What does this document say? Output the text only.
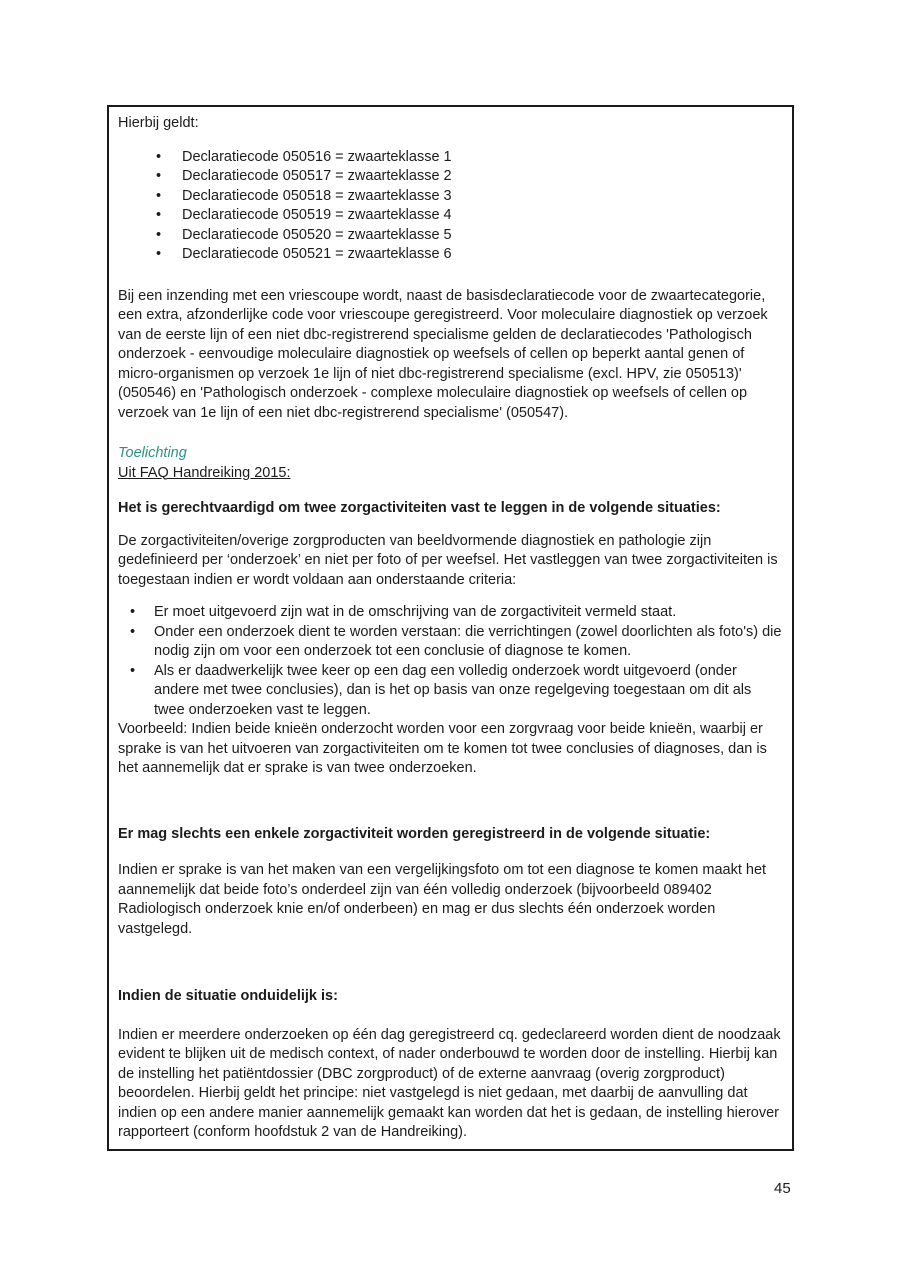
Hierbij geldt:

• Declaratiecode 050516 = zwaarteklasse 1
• Declaratiecode 050517 = zwaarteklasse 2
• Declaratiecode 050518 = zwaarteklasse 3
• Declaratiecode 050519 = zwaarteklasse 4
• Declaratiecode 050520 = zwaarteklasse 5
• Declaratiecode 050521 = zwaarteklasse 6

Bij een inzending met een vriescoupe wordt, naast de basisdeclaratiecode voor de zwaartecategorie, een extra, afzonderlijke code voor vriescoupe geregistreerd. Voor moleculaire diagnostiek op verzoek van de eerste lijn of een niet dbc-registrerend specialisme gelden de declaratiecodes 'Pathologisch onderzoek - eenvoudige moleculaire diagnostiek op weefsels of cellen op beperkt aantal genen of micro-organismen op verzoek 1e lijn of niet dbc-registrerend specialisme (excl. HPV, zie 050513)' (050546) en 'Pathologisch onderzoek - complexe moleculaire diagnostiek op weefsels of cellen op verzoek van 1e lijn of een niet dbc-registrerend specialisme' (050547).

Toelichting

Uit FAQ Handreiking 2015:

Het is gerechtvaardigd om twee zorgactiviteiten vast te leggen in de volgende situaties:

De zorgactiviteiten/overige zorgproducten van beeldvormende diagnostiek en pathologie zijn gedefinieerd per ‘onderzoek’ en niet per foto of per weefsel. Het vastleggen van twee zorgactiviteiten is toegestaan indien er wordt voldaan aan onderstaande criteria:

• Er moet uitgevoerd zijn wat in de omschrijving van de zorgactiviteit vermeld staat.
• Onder een onderzoek dient te worden verstaan: die verrichtingen (zowel doorlichten als foto's) die nodig zijn om voor een onderzoek tot een conclusie of diagnose te komen.
• Als er daadwerkelijk twee keer op een dag een volledig onderzoek wordt uitgevoerd (onder andere met twee conclusies), dan is het op basis van onze regelgeving toegestaan om dit als twee onderzoeken vast te leggen.

Voorbeeld: Indien beide knieën onderzocht worden voor een zorgvraag voor beide knieën, waarbij er sprake is van het uitvoeren van zorgactiviteiten om te komen tot twee conclusies of diagnoses, dan is het aannemelijk dat er sprake is van twee onderzoeken.

Er mag slechts een enkele zorgactiviteit worden geregistreerd in de volgende situatie:

Indien er sprake is van het maken van een vergelijkingsfoto om tot een diagnose te komen maakt het aannemelijk dat beide foto’s onderdeel zijn van één volledig onderzoek (bijvoorbeeld 089402 Radiologisch onderzoek knie en/of onderbeen) en mag er dus slechts één onderzoek worden vastgelegd.

Indien de situatie onduidelijk is:

Indien er meerdere onderzoeken op één dag geregistreerd cq. gedeclareerd worden dient de noodzaak evident te blijken uit de medisch context, of nader onderbouwd te worden door de instelling. Hierbij kan de instelling het patiëntdossier (DBC zorgproduct) of de externe aanvraag (overig zorgproduct) beoordelen. Hierbij geldt het principe: niet vastgelegd is niet gedaan, met daarbij de aanvulling dat indien op een andere manier aannemelijk gemaakt kan worden dat het is gedaan, de instelling hierover rapporteert (conform hoofdstuk 2 van de Handreiking).

45
